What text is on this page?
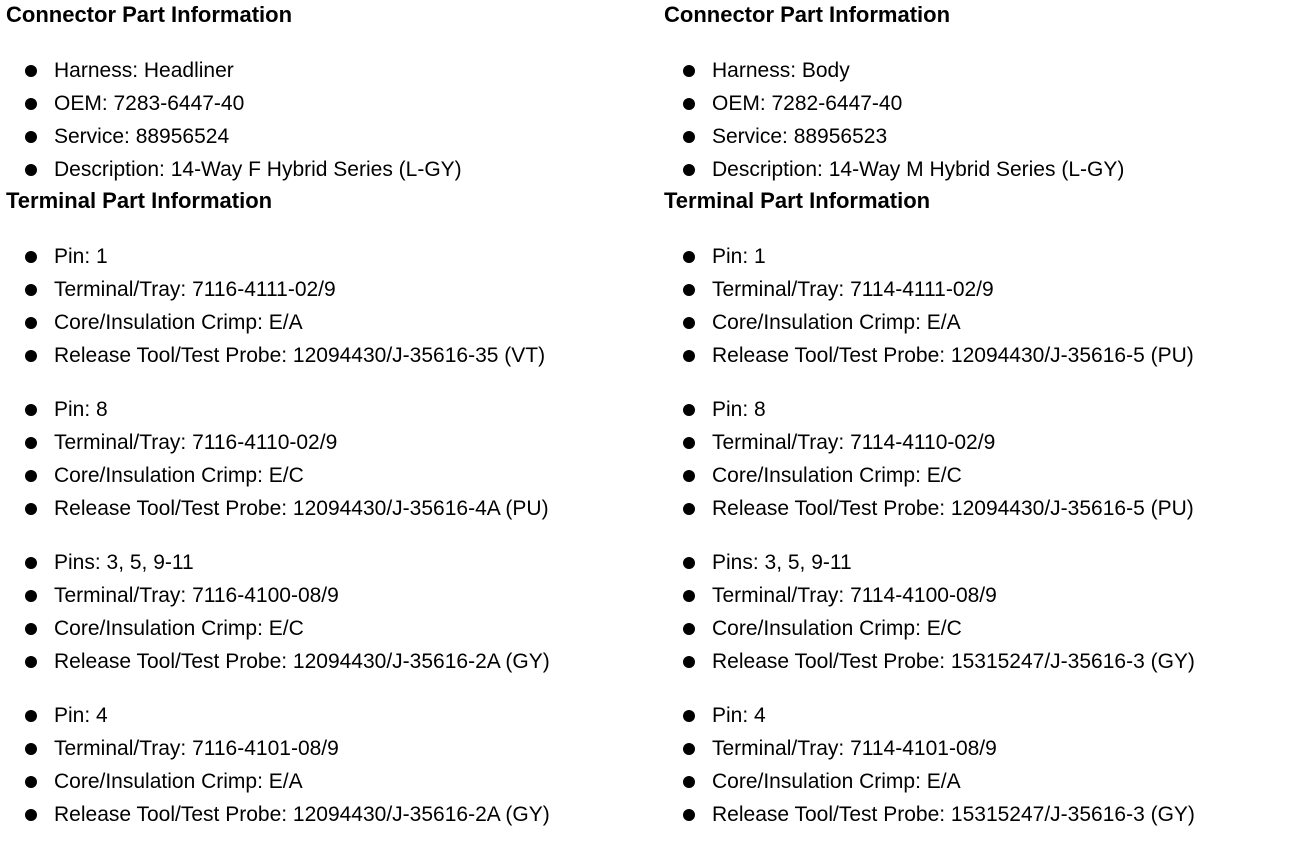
Connector Part Information
Harness: Headliner
OEM: 7283-6447-40
Service: 88956524
Description: 14-Way F Hybrid Series (L-GY)
Terminal Part Information
Pin: 1
Terminal/Tray: 7116-4111-02/9
Core/Insulation Crimp: E/A
Release Tool/Test Probe: 12094430/J-35616-35 (VT)
Pin: 8
Terminal/Tray: 7116-4110-02/9
Core/Insulation Crimp: E/C
Release Tool/Test Probe: 12094430/J-35616-4A (PU)
Pins: 3, 5, 9-11
Terminal/Tray: 7116-4100-08/9
Core/Insulation Crimp: E/C
Release Tool/Test Probe: 12094430/J-35616-2A (GY)
Pin: 4
Terminal/Tray: 7116-4101-08/9
Core/Insulation Crimp: E/A
Release Tool/Test Probe: 12094430/J-35616-2A (GY)
Connector Part Information
Harness: Body
OEM: 7282-6447-40
Service: 88956523
Description: 14-Way M Hybrid Series (L-GY)
Terminal Part Information
Pin: 1
Terminal/Tray: 7114-4111-02/9
Core/Insulation Crimp: E/A
Release Tool/Test Probe: 12094430/J-35616-5 (PU)
Pin: 8
Terminal/Tray: 7114-4110-02/9
Core/Insulation Crimp: E/C
Release Tool/Test Probe: 12094430/J-35616-5 (PU)
Pins: 3, 5, 9-11
Terminal/Tray: 7114-4100-08/9
Core/Insulation Crimp: E/C
Release Tool/Test Probe: 15315247/J-35616-3 (GY)
Pin: 4
Terminal/Tray: 7114-4101-08/9
Core/Insulation Crimp: E/A
Release Tool/Test Probe: 15315247/J-35616-3 (GY)
